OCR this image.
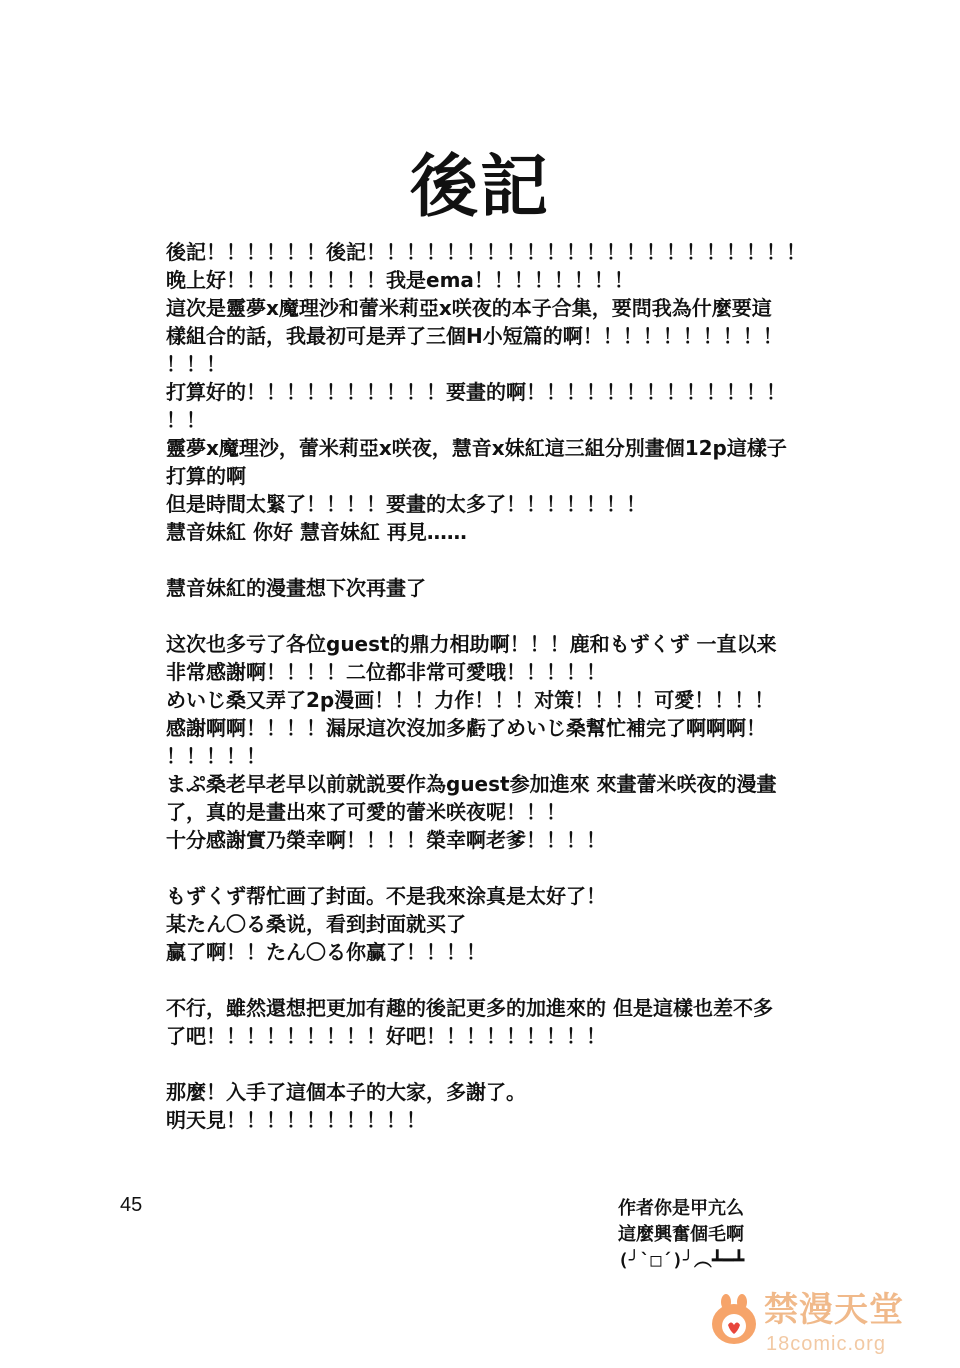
後記
後記！！！！！！後記！！！！！！！！！！！！！！！！！！！！！！
晚上好！！！！！！！！我是ema！！！！！！！！
這次是靈夢x魔理沙和蕾米莉亞x咲夜的本子合集，要問我為什麼要這
樣組合的話，我最初可是弄了三個H小短篇的啊！！！！！！！！！！
！！！
打算好的！！！！！！！！！！要畫的啊！！！！！！！！！！！！！
！！
靈夢x魔理沙，蕾米莉亞x咲夜，慧音x妹紅這三組分別畫個12p這樣子
打算的啊
但是時間太緊了！！！！要畫的太多了！！！！！！！
慧音妹紅 你好 慧音妹紅 再見……
慧音妹紅的漫畫想下次再畫了
这次也多亏了各位guest的鼎力相助啊！！！鹿和もずくず 一直以来
非常感謝啊！！！！二位都非常可愛哦！！！！！
めいじ桑又弄了2p漫画！！！力作！！！对策！！！！可愛！！！！
感謝啊啊！！！！漏尿這次沒加多虧了めいじ桑幫忙補完了啊啊啊！
！！！！！
まぷ桑老早老早以前就説要作為guest参加進來 來畫蕾米咲夜的漫畫
了，真的是畫出來了可愛的蕾米咲夜呢！！！
十分感謝實乃榮幸啊！！！！榮幸啊老爹！！！！
もずくず帮忙画了封面。不是我來涂真是太好了！
某たん〇る桑说，看到封面就买了
赢了啊！！たん〇る你赢了！！！！
不行，雖然還想把更加有趣的後記更多的加進來的 但是這樣也差不多
了吧！！！！！！！！！好吧！！！！！！！！！
那麼！入手了這個本子的大家，多謝了。
明天見！！！！！！！！！！
45	作者你是甲亢么
這麼興奮個毛啊
(╯`□´)╯︵┻━┻
禁漫天堂
18comic.org
